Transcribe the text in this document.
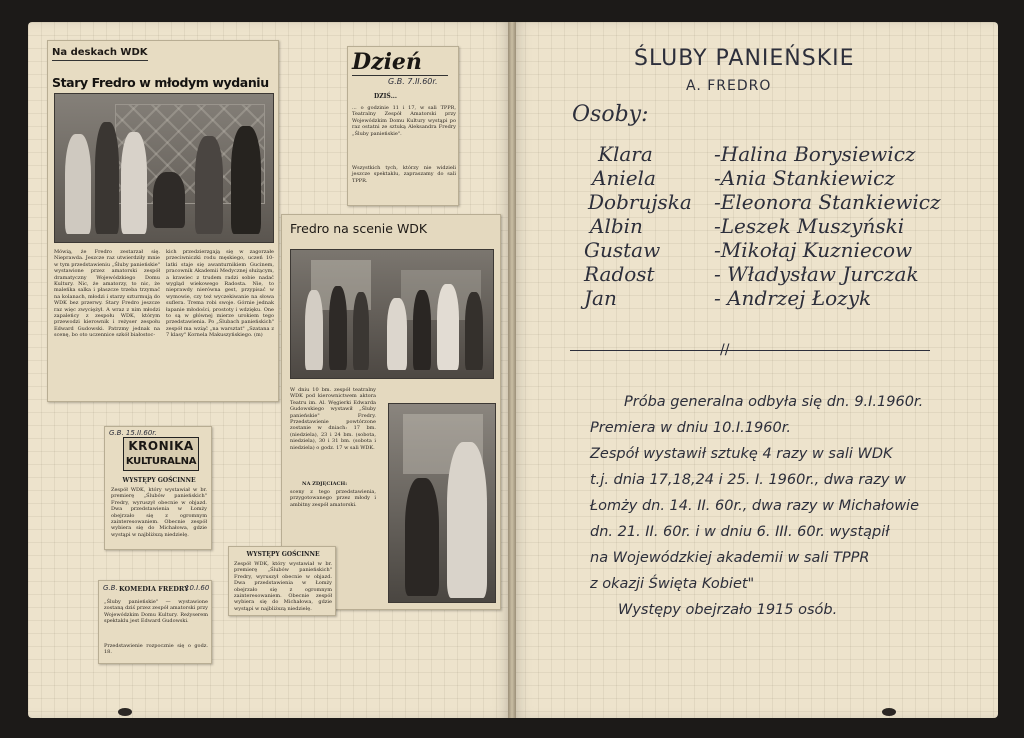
Na deskach WDK
Stary Fredro w młodym wydaniu
Mówią, że Fredro zestarzał się. Nieprawda. Jeszcze raz utwierdziły mnie w tym przedstawieniu „Śluby panieńskie" wystawione przez amatorski zespół dramatyczny Wojewódzkiego Domu Kultury. Nic, że amatorzy, to nic, że maleńka salka i płaszcze trzeba trzymać na kolanach, młodzi i starzy szturmują do WDK bez przerwy. Stary Fredro jeszcze raz więc zwyciężył. A wraz z nim młodzi zapaleńcy z zespołu WDK, którym przewodzi kierownik i reżyser zespołu Edward Gudowski. Patrzmy jednak na scenę, bo oto uczennice szkół białostoc-
kich przedzierzgają się w zagorzałe przeciwniczki rodu męskiego, uczeń 10-latki staje się awanturnikiem Gucinem, pracownik Akademii Medycznej służącym, a krawiec z trudem radzi sobie nadać wygląd wiekowego Radosta. Nie, to nieprawdy nierówna gest, przypisać w wymowie, czy też wyczekiwanie na słowa suflera. Trema robi swoje. Górnie jednak łapanie młodości, prostoty i wdzięku. One to są w głównej mierze urokiem tego przedstawienia. Po „Ślubach panieńskich" zespół ma wziąć „na warsztat" „Szatana z 7 klasy" Kornela Makuszyńskiego. (m)
Dzień
G.B. 7.II.60r.
DZIŚ...
... o godzinie 11 i 17, w sali TPPR, Teatralny Zespół Amatorski przy Wojewódzkim Domu Kultury wystąpi po raz ostatni ze sztuką Aleksandra Fredry „Śluby panieńskie".
Wszystkich tych, którzy nie widzieli jeszcze spektaklu, zapraszamy do sali TPPR.
Fredro na scenie WDK
W dniu 10 bm. zespół teatralny WDK pod kierownictwem aktora Teatru im. Al. Węgierki Edwarda Gudowskiego wystawił „Śluby panieńskie" Fredry. Przedstawienie powtórzone zostanie w dniach: 17 bm. (niedziela), 23 i 24 bm. (sobota, niedziela), 30 i 31 bm. (sobota i niedziela) o godz. 17 w sali WDK.
NA ZDJĘCIACH:
sceny z tego przedstawienia, przygotowanego przez młody i ambitny zespół amatorski.
G.B. 15.II.60r.
KRONIKA
KULTURALNA
WYSTĘPY GOŚCINNE
Zespół WDK, który wystawiał w br. premierę „Ślubów panieńskich" Fredry, wyruszył obecnie w objazd. Dwa przedstawienia w Łomży obejrzało się z ogromnym zainteresowaniem. Obecnie zespół wybiera się do Michałowa, gdzie wystąpi w najbliższą niedzielę.
WYSTĘPY GOŚCINNE
Zespół WDK, który wystawiał w br. premierę „Ślubów panieńskich" Fredry, wyruszył obecnie w objazd. Dwa przedstawienia w Łomży obejrzało się z ogromnym zainteresowaniem. Obecnie zespół wybiera się do Michałowa, gdzie wystąpi w najbliższą niedzielę.
G.B. KOMEDIA FREDRY
10.I.60
„Śluby panieńskie" — wystawione zostaną dziś przez zespół amatorski przy Wojewódzkim Domu Kultury. Reżyserem spektaklu jest Edward Gudowski.
Przedstawienie rozpocznie się o godz. 18.
ŚLUBY PANIEŃSKIE
A. FREDRO
Osoby:
Klara	-Halina Borysiewicz
Aniela	-Ania Stankiewicz
Dobrujska -Eleonora Stankiewicz
Albin	-Leszek Muszyński
Gustaw	-Mikołaj Kuzniecow
Radost	- Władysław Jurczak
Jan	- Andrzej Łozyk
//
Próba generalna odbyła się dn. 9.I.1960r.
Premiera w dniu 10.I.1960r.
Zespół wystawił sztukę 4 razy w sali WDK
t.j. dnia 17,18,24 i 25. I. 1960r., dwa razy w
Łomży dn. 14. II. 60r., dwa razy w Michałowie
dn. 21. II. 60r. i w dniu 6. III. 60r. wystąpił
na Wojewódzkiej akademii w sali TPPR
z okazji Święta Kobiet"
Występy obejrzało 1915 osób.
